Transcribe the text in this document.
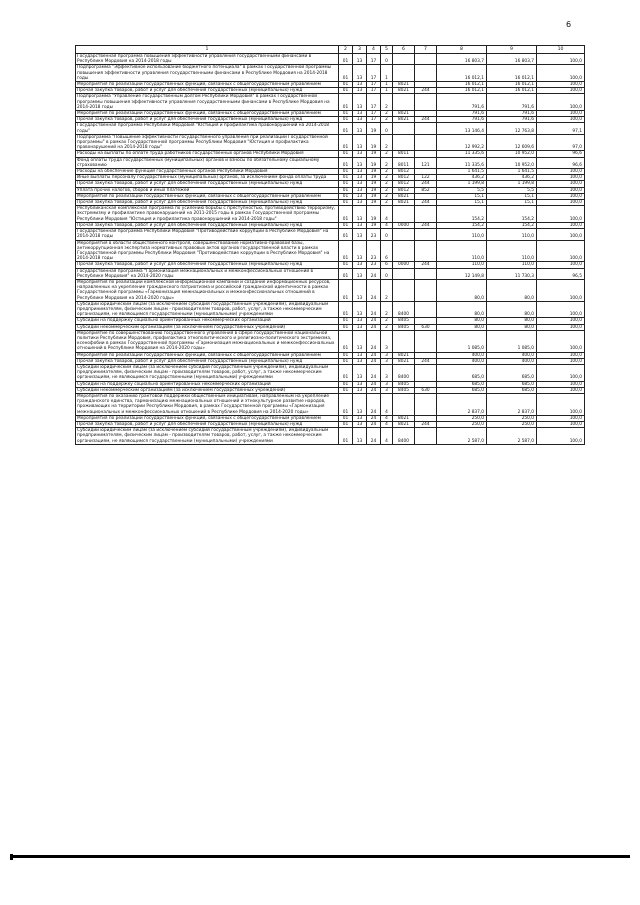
6
1	2	3	4	5	6	7	8	9	10
Государственная программа повышения эффективности управления государственными финансами в Республике Мордовия на 2014-2018 годы	01	13	17	0			16 803,7	16 803,7	100,0
Подпрограмма "Эффективное использование бюджетного потенциала" в рамках Государственной программы повышения эффективности управления государственными финансами в Республике Мордовия на 2014-2018 годы	01	13	17	1			16 012,1	16 012,1	100,0
Мероприятия по реализации государственных функций, связанных с общегосударственным управлением	01	13	17	1	8021		16 012,1	16 012,1	100,0
Прочая закупка товаров, работ и услуг для обеспечения государственных (муниципальных) нужд	01	13	17	1	8021	244	16 012,1	16 012,1	100,0
Подпрограмма "Управление государственным долгом Республики Мордовия" в рамках Государственной программы повышения эффективности управления государственными финансами в Республике Мордовия на 2014-2018 годы	01	13	17	2			791,6	791,6	100,0
Мероприятия по реализации государственных функций, связанных с общегосударственным управлением	01	13	17	2	8021		791,6	791,6	100,0
Прочая закупка товаров, работ и услуг для обеспечения государственных (муниципальных) нужд	01	13	17	2	8021	244	791,6	791,6	100,0
Государственная программа Республики Мордовия "Юстиция и профилактика правонарушений на 2014-2018 годы"	01	13	19	0			13 146,4	12 763,8	97,1
Подпрограмма "Повышение эффективности государственного управления при реализации Государственной программы" в рамках Государственной программы Республики Мордовия "Юстиция и профилактика правонарушений на 2014-2018 годы"	01	13	19	2			12 992,2	12 609,6	97,0
Расходы на выплаты по оплате труда работников государственных органов Республики Мордовия	01	13	19	2	8011		11 335,6	10 952,0	96,6
Фонд оплаты труда государственных (муниципальных) органов и взносы по обязательному социальному страхованию	01	13	19	2	8011	121	11 335,6	10 952,0	96,6
Расходы на обеспечение функций государственных органов Республики Мордовия	01	13	19	2	8012		1 641,5	1 641,5	100,0
Иные выплаты персоналу государственных (муниципальных) органов, за исключением фонда оплаты труда	01	13	19	2	8012	122	436,2	436,2	100,0
Прочая закупка товаров, работ и услуг для обеспечения государственных (муниципальных) нужд	01	13	19	2	8012	244	1 199,8	1 199,8	100,0
Уплата прочих налогов, сборов и иных платежей	01	13	19	2	8012	852	5,5	5,5	100,0
Мероприятия по реализации государственных функций, связанных с общегосударственным управлением	01	13	19	2	8021		15,1	15,1	100,0
Прочая закупка товаров, работ и услуг для обеспечения государственных (муниципальных) нужд	01	13	19	2	8021	244	15,1	15,1	100,0
Республиканская комплексная программа по усилению борьбы с преступностью, противодействию терроризму, экстремизму и профилактике правонарушений на 2011-2015 годы в рамках Государственной программы Республики Мордовия "Юстиция и профилактика правонарушений на 2014-2018 годы"	01	13	19	4			154,2	154,2	100,0
Прочая закупка товаров, работ и услуг для обеспечения государственных (муниципальных) нужд	01	13	19	4	0000	244	154,2	154,2	100,0
Государственная программа Республики Мордовия "Противодействие коррупции в Республике Мордовия" на 2014-2018 годы	01	13	23	0			110,0	110,0	100,0
Мероприятия в области общественного контроля, совершенствование нормативно-правовой базы, антикоррупционная экспертиза нормативных правовых актов органов государственной власти в рамках Государственной программы Республики Мордовия "Противодействие коррупции в Республике Мордовия" на 2014-2018 годы	01	13	23	6			110,0	110,0	100,0
Прочая закупка товаров, работ и услуг для обеспечения государственных (муниципальных) нужд	01	13	23	6	0000	244	110,0	110,0	100,0
Государственная программа "Гармонизация межнациональных и межконфессиональных отношений в Республике Мордовия" на 2014-2020 годы	01	13	24	0			12 149,8	11 730,3	96,5
Мероприятия по реализации комплексной информационной кампании и создание информационных ресурсов, направленных на укрепление гражданского патриотизма и российской гражданской идентичности в рамках Государственной программы «Гармонизация межнациональных и межконфессиональных отношений в Республике Мордовия на 2014-2020 годы»	01	13	24	2			80,0	80,0	100,0
Субсидии юридическим лицам (за исключением субсидий государственным учреждениям), индивидуальным предпринимателям, физическим лицам - производителям товаров, работ, услуг, а также некоммерческим организациям, не являющимся государственными (муниципальными) учреждениями	01	13	24	2	8400		80,0	80,0	100,0
Субсидии на поддержку социально ориентированных некоммерческих организаций	01	13	24	2	8405		80,0	80,0	100,0
Субсидии некоммерческим организациям (за исключением государственных учреждений)	01	13	24	2	8405	630	80,0	80,0	100,0
Мероприятие по совершенствованию государственного управления в сфере государственной национальной политики Республики Мордовия, профилактика этнополитического и религиозно-политического экстремизма, ксенофобии в рамках Государственной программы «Гармонизация межнациональных и межконфессиональных отношений в Республике Мордовия на 2014-2020 годы»	01	13	24	3			1 085,0	1 085,0	100,0
Мероприятия по реализации государственных функций, связанных с общегосударственным управлением	01	13	24	3	8021		400,0	400,0	100,0
Прочая закупка товаров, работ и услуг для обеспечения государственных (муниципальных) нужд	01	13	24	3	8021	244	400,0	400,0	100,0
Субсидии юридическим лицам (за исключением субсидий государственным учреждениям), индивидуальным предпринимателям, физическим лицам - производителям товаров, работ, услуг, а также некоммерческим организациям, не являющимся государственными (муниципальными) учреждениями	01	13	24	3	8400		685,0	685,0	100,0
Субсидии на поддержку социально ориентированных некоммерческих организаций	01	13	24	3	8405		685,0	685,0	100,0
Субсидии некоммерческим организациям (за исключением государственных учреждений)	01	13	24	3	8405	630	685,0	685,0	100,0
Мероприятия по оказанию грантовой поддержки общественным инициативам, направленным на укрепление гражданского единства, гармонизацию межнациональных отношений и этнокультурное развитие народов, проживающих на территории Республики Мордовия, в рамках Государственной программы «Гармонизация межнациональных и межконфессиональных отношений в Республике Мордовия на 2014-2020 годы»	01	13	24	4			2 837,0	2 837,0	100,0
Мероприятия по реализации государственных функций, связанных с общегосударственным управлением	01	13	24	4	8021		250,0	250,0	100,0
Прочая закупка товаров, работ и услуг для обеспечения государственных (муниципальных) нужд	01	13	24	4	8021	244	250,0	250,0	100,0
Субсидии юридическим лицам (за исключением субсидий государственным учреждениям), индивидуальным предпринимателям, физическим лицам - производителям товаров, работ, услуг, а также некоммерческим организациям, не являющимся государственными (муниципальными) учреждениями	01	13	24	4	8400		2 587,0	2 587,0	100,0
